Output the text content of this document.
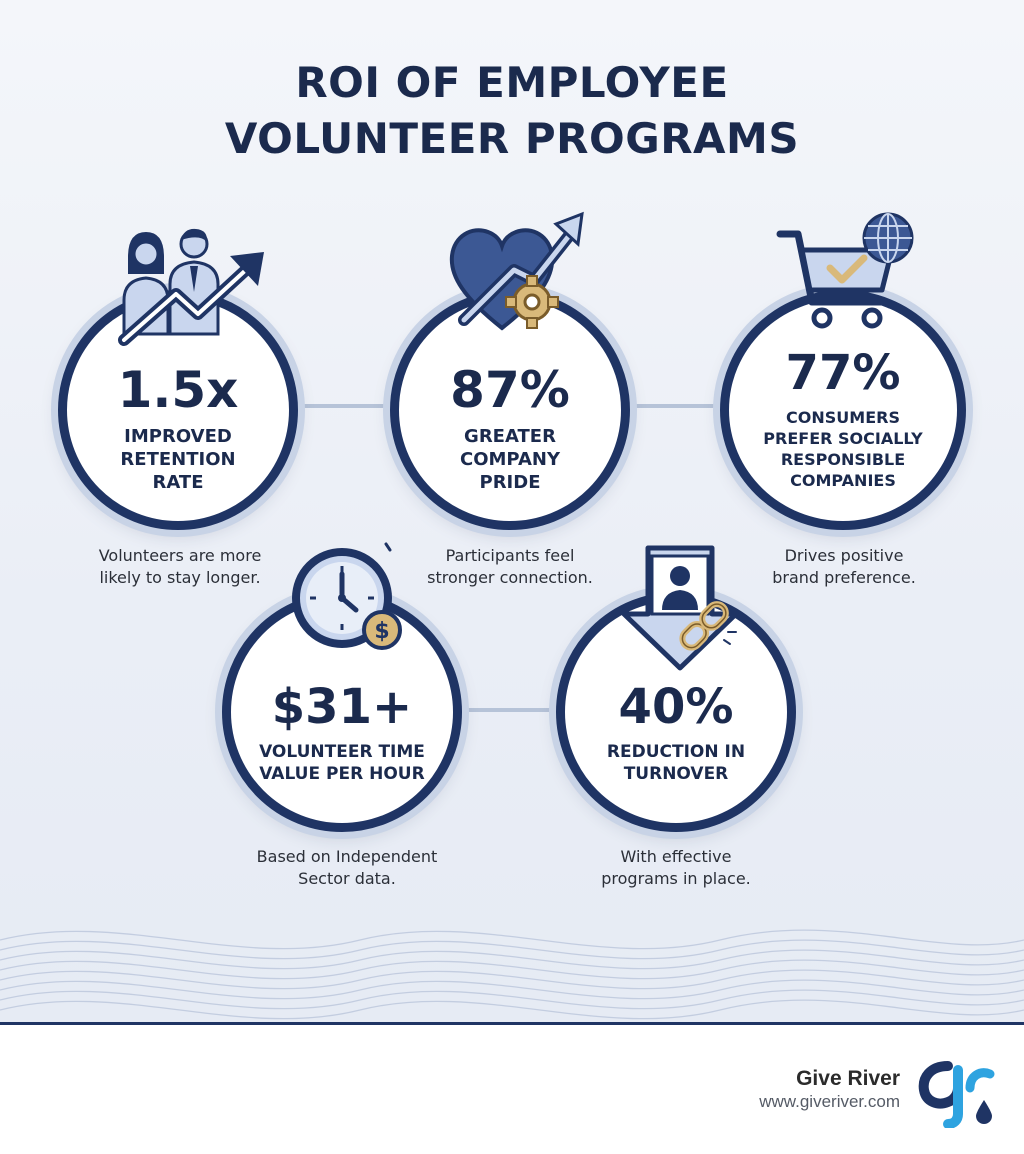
ROI OF EMPLOYEE
VOLUNTEER PROGRAMS
1.5x
IMPROVED
RETENTION
RATE
Volunteers are more
likely to stay longer.
87%
GREATER
COMPANY
PRIDE
Participants feel
stronger connection.
77%
CONSUMERS
PREFER SOCIALLY
RESPONSIBLE
COMPANIES
Drives positive
brand preference.
$31+
VOLUNTEER TIME
VALUE PER HOUR
$
Based on Independent
Sector data.
40%
REDUCTION IN
TURNOVER
With effective
programs in place.
Give River
www.giveriver.com
